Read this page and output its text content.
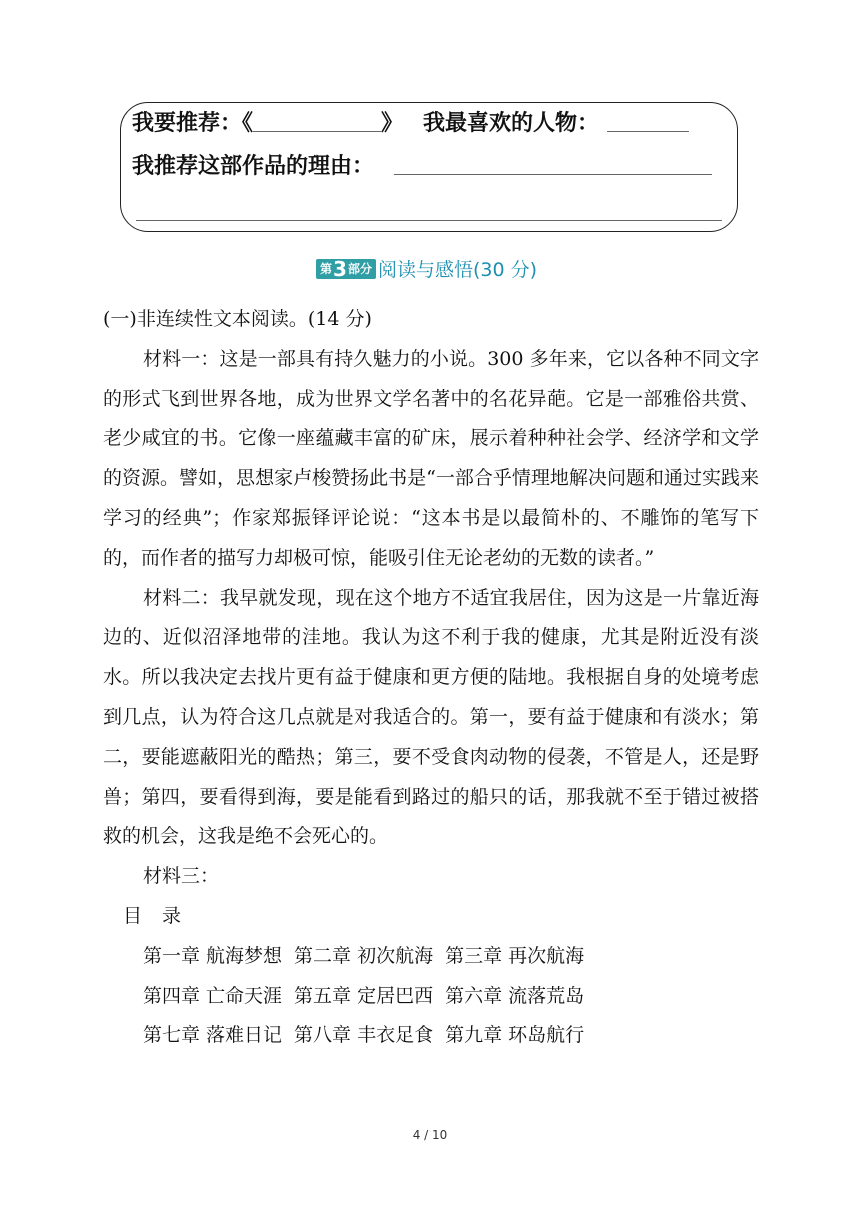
我要推荐：《	》 我最喜欢的人物：
我推荐这部作品的理由：
第 3 部分 阅读与感悟(30 分)

(一)非连续性文本阅读。(14 分)

材料一：这是一部具有持久魅力的小说。300 多年来，它以各种不同文字的形式飞到世界各地，成为世界文学名著中的名花异葩。它是一部雅俗共赏、老少咸宜的书。它像一座蕴藏丰富的矿床，展示着种种社会学、经济学和文学的资源。譬如，思想家卢梭赞扬此书是“一部合乎情理地解决问题和通过实践来学习的经典”；作家郑振铎评论说：“这本书是以最简朴的、不雕饰的笔写下的，而作者的描写力却极可惊，能吸引住无论老幼的无数的读者。”

材料二：我早就发现，现在这个地方不适宜我居住，因为这是一片靠近海边的、近似沼泽地带的洼地。我认为这不利于我的健康，尤其是附近没有淡水。所以我决定去找片更有益于健康和更方便的陆地。我根据自身的处境考虑到几点，认为符合这几点就是对我适合的。第一，要有益于健康和有淡水；第二，要能遮蔽阳光的酷热；第三，要不受食肉动物的侵袭，不管是人，还是野兽；第四，要看得到海，要是能看到路过的船只的话，那我就不至于错过被搭救的机会，这我是绝不会死心的。

材料三：

目录

第一章 航海梦想 第二章 初次航海 第三章 再次航海
第四章 亡命天涯 第五章 定居巴西 第六章 流落荒岛
第七章 落难日记 第八章 丰衣足食 第九章 环岛航行
4 / 10
